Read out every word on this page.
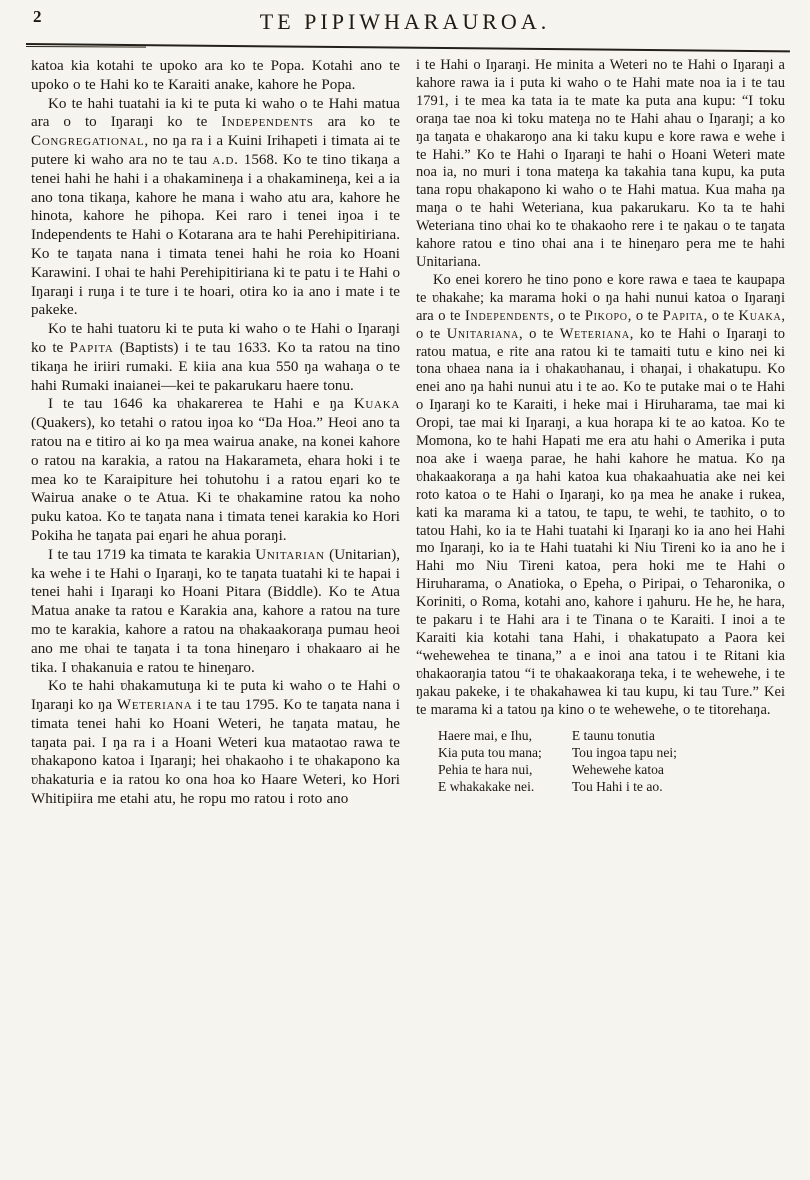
2	TE PIPIWHARAUROA.

katoa kia kotahi te upoko ara ko te Popa. Kotahi ano te upoko o te Hahi ko te Karaiti anake, kahore he Popa.

Ko te hahi tuatahi ia ki te puta ki waho o te Hahi matua ara o to Iŋaraŋi ko te Independents ara ko te Congregational, no ŋa ra i a Kuini Irihapeti i timata ai te putere ki waho ara no te tau a.d. 1568. Ko te tino tikaŋa a tenei hahi he hahi i a ʋhakamineŋa i a ʋhakamineŋa, kei a ia ano tona tikaŋa, kahore he mana i waho atu ara, kahore he hinota, kahore he pihopa. Kei raro i tenei iŋoa i te Independents te Hahi o Kotarana ara te hahi Perehipitiriana. Ko te taŋata nana i timata tenei hahi he roia ko Hoani Karawini. I ʋhai te hahi Perehipitiriana ki te patu i te Hahi o Iŋaraŋi i ruŋa i te ture i te hoari, otira ko ia ano i mate i te pakeke.

Ko te hahi tuatoru ki te puta ki waho o te Hahi o Iŋaraŋi ko te Papita (Baptists) i te tau 1633. Ko ta ratou na tino tikaŋa he iriiri rumaki. E kiia ana kua 550 ŋa wahaŋa o te hahi Rumaki inaianei—kei te pakarukaru haere tonu.

I te tau 1646 ka ʋhakarerea te Hahi e ŋa Kuaka (Quakers), ko tetahi o ratou iŋoa ko “Ŋa Hoa.” Heoi ano ta ratou na e titiro ai ko ŋa mea wairua anake, na konei kahore o ratou na karakia, a ratou na Hakarameta, ehara hoki i te mea ko te Karaipiture hei tohutohu i a ratou eŋari ko te Wairua anake o te Atua. Ki te ʋhakamine ratou ka noho puku katoa. Ko te taŋata nana i timata tenei karakia ko Hori Pokiha he taŋata pai eŋari he ahua poraŋi.

I te tau 1719 ka timata te karakia Unitarian (Unitarian), ka wehe i te Hahi o Iŋaraŋi, ko te taŋata tuatahi ki te hapai i tenei hahi i Iŋaraŋi ko Hoani Pitara (Biddle). Ko te Atua Matua anake ta ratou e Karakia ana, kahore a ratou na ture mo te karakia, kahore a ratou na ʋhakaakoraŋa pumau heoi ano me ʋhai te taŋata i ta tona hineŋaro i ʋhakaaro ai he tika. I ʋhakanuia e ratou te hineŋaro.

Ko te hahi ʋhakamutuŋa ki te puta ki waho o te Hahi o Iŋaraŋi ko ŋa Weteriana i te tau 1795. Ko te taŋata nana i timata tenei hahi ko Hoani Weteri, he taŋata matau, he taŋata pai. I ŋa ra i a Hoani Weteri kua mataotao rawa te ʋhakapono katoa i Iŋaraŋi; hei ʋhakaoho i te ʋhakapono ka ʋhakaturia e ia ratou ko ona hoa ko Haare Weteri, ko Hori Whitipiira me etahi atu, he ropu mo ratou i roto ano

i te Hahi o Iŋaraŋi. He minita a Weteri no te Hahi o Iŋaraŋi a kahore rawa ia i puta ki waho o te Hahi mate noa ia i te tau 1791, i te mea ka tata ia te mate ka puta ana kupu: “I toku oraŋa tae noa ki toku mateŋa no te Hahi ahau o Iŋaraŋi; a ko ŋa taŋata e ʋhakaroŋo ana ki taku kupu e kore rawa e wehe i te Hahi.” Ko te Hahi o Iŋaraŋi te hahi o Hoani Weteri mate noa ia, no muri i tona mateŋa ka takahia tana kupu, ka puta tana ropu ʋhakapono ki waho o te Hahi matua. Kua maha ŋa maŋa o te hahi Weteriana, kua pakarukaru. Ko ta te hahi Weteriana tino ʋhai ko te ʋhakaoho rere i te ŋakau o te taŋata kahore ratou e tino ʋhai ana i te hineŋaro pera me te hahi Unitariana.

Ko enei korero he tino pono e kore rawa e taea te kaupapa te ʋhakahe; ka marama hoki o ŋa hahi nunui katoa o Iŋaraŋi ara o te Independents, o te Pikopo, o te Papita, o te Kuaka, o te Unitariana, o te Weteriana, ko te Hahi o Iŋaraŋi to ratou matua, e rite ana ratou ki te tamaiti tutu e kino nei ki tona ʋhaea nana ia i ʋhakaʋhanau, i ʋhaŋai, i ʋhakatupu. Ko enei ano ŋa hahi nunui atu i te ao. Ko te putake mai o te Hahi o Iŋaraŋi ko te Karaiti, i heke mai i Hiruharama, tae mai ki Oropi, tae mai ki Iŋaraŋi, a kua horapa ki te ao katoa. Ko te Momona, ko te hahi Hapati me era atu hahi o Amerika i puta noa ake i waeŋa parae, he hahi kahore he matua. Ko ŋa ʋhakaakoraŋa a ŋa hahi katoa kua ʋhakaahuatia ake nei kei roto katoa o te Hahi o Iŋaraŋi, ko ŋa mea he anake i rukea, kati ka marama ki a tatou, te tapu, te wehi, te taʋhito, o to tatou Hahi, ko ia te Hahi tuatahi ki Iŋaraŋi ko ia ano hei Hahi mo Iŋaraŋi, ko ia te Hahi tuatahi ki Niu Tireni ko ia ano he i Hahi mo Niu Tireni katoa, pera hoki me te Hahi o Hiruharama, o Anatioka, o Epeha, o Piripai, o Teharonika, o Koriniti, o Roma, kotahi ano, kahore i ŋahuru. He he, he hara, te pakaru i te Hahi ara i te Tinana o te Karaiti. I inoi a te Karaiti kia kotahi tana Hahi, i ʋhakatupato a Paora kei “wehewehea te tinana,” a e inoi ana tatou i te Ritani kia ʋhakaoraŋia tatou “i te ʋhakaakoraŋa teka, i te wehewehe, i te ŋakau pakeke, i te ʋhakahawea ki tau kupu, ki tau Ture.” Kei te marama ki a tatou ŋa kino o te wehewehe, o te titorehaŋa.

Haere mai, e Ihu,
Kia puta tou mana;
Pehia te hara nui,
E whakakake nei.
E taunu tonutia
Tou ingoa tapu nei;
Wehewehe katoa
Tou Hahi i te ao.
